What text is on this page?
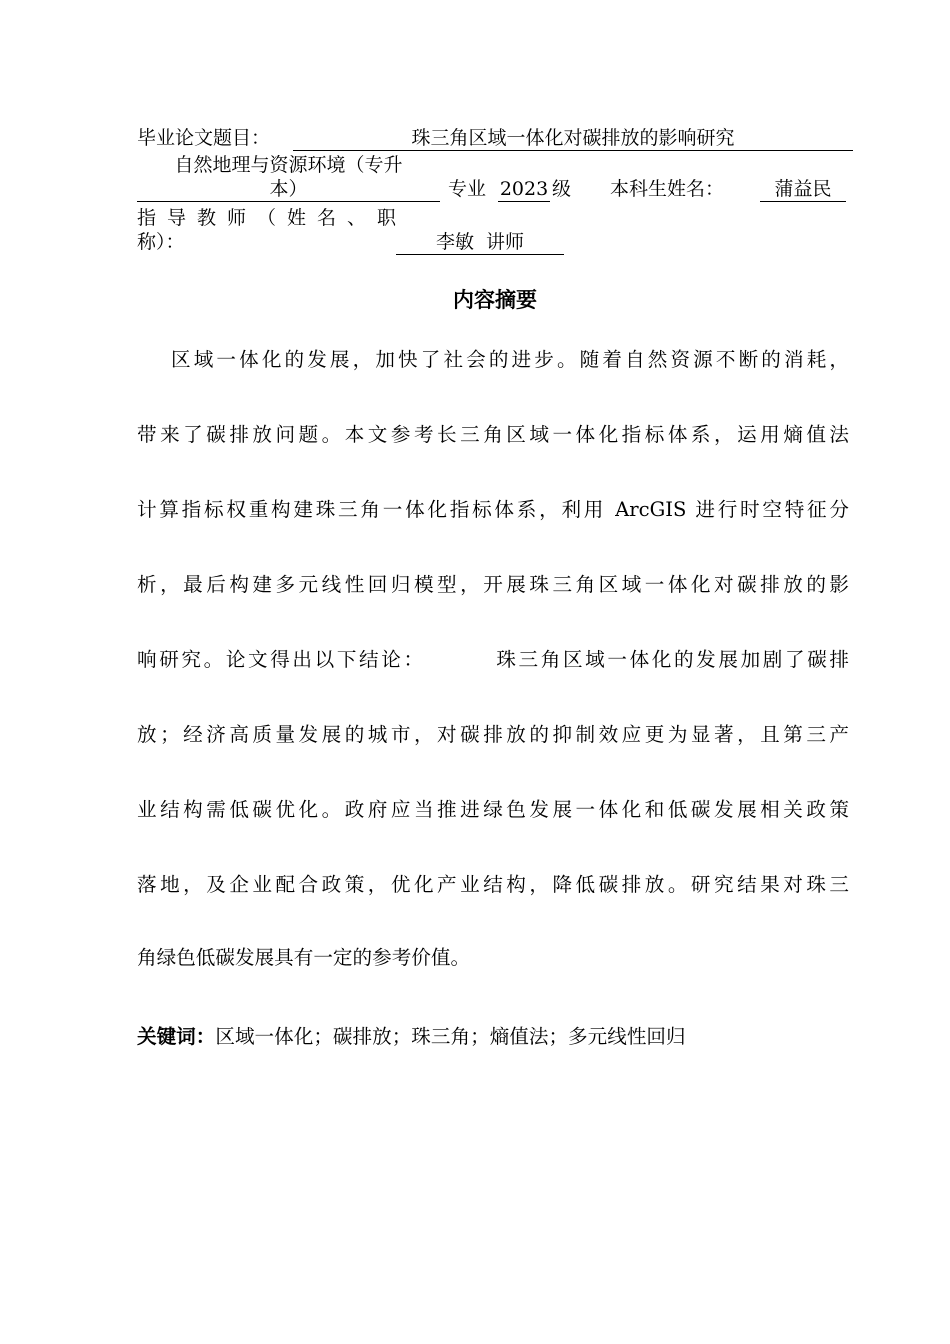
毕业论文题目：	珠三角区域一体化对碳排放的影响研究
自然地理与资源环境（专升
本）	专业 2023 级 本科生姓名：	蒲益民
指导教师（姓名、职
称）：	李敏  讲师
内容摘要
区域一体化的发展，加快了社会的进步。随着自然资源不断的消耗，
带来了碳排放问题。本文参考长三角区域一体化指标体系，运用熵值法
计算指标权重构建珠三角一体化指标体系，利用 ArcGIS 进行时空特征分
析，最后构建多元线性回归模型，开展珠三角区域一体化对碳排放的影
响研究。论文得出以下结论：        珠三角区域一体化的发展加剧了碳排
放；经济高质量发展的城市，对碳排放的抑制效应更为显著，且第三产
业结构需低碳优化。政府应当推进绿色发展一体化和低碳发展相关政策
落地，及企业配合政策，优化产业结构，降低碳排放。研究结果对珠三
角绿色低碳发展具有一定的参考价值。
关键词：区域一体化；碳排放；珠三角；熵值法；多元线性回归
